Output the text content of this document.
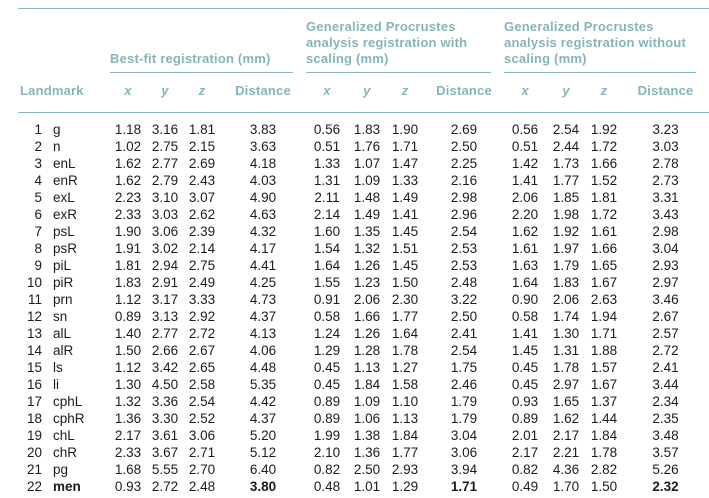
		Best-fit registration (mm)				Generalized Procrustes analysis registration with scaling (mm)				Generalized Procrustes analysis registration without scaling (mm)			

Landmark		x	y	z	Distance	x	y	z	Distance	x	y	z	Distance
1	g	1.18	3.16	1.81	3.83	0.56	1.83	1.90	2.69	0.56	2.54	1.92	3.23
2	n	1.02	2.75	2.15	3.63	0.51	1.76	1.71	2.50	0.51	2.44	1.72	3.03
3	enL	1.62	2.77	2.69	4.18	1.33	1.07	1.47	2.25	1.42	1.73	1.66	2.78
4	enR	1.62	2.79	2.43	4.03	1.31	1.09	1.33	2.16	1.41	1.77	1.52	2.73
5	exL	2.23	3.10	3.07	4.90	2.11	1.48	1.49	2.98	2.06	1.85	1.81	3.31
6	exR	2.33	3.03	2.62	4.63	2.14	1.49	1.41	2.96	2.20	1.98	1.72	3.43
7	psL	1.90	3.06	2.39	4.32	1.60	1.35	1.45	2.54	1.62	1.92	1.61	2.98
8	psR	1.91	3.02	2.14	4.17	1.54	1.32	1.51	2.53	1.61	1.97	1.66	3.04
9	piL	1.81	2.94	2.75	4.41	1.64	1.26	1.45	2.53	1.63	1.79	1.65	2.93
10	piR	1.83	2.91	2.49	4.25	1.55	1.23	1.50	2.48	1.64	1.83	1.67	2.97
11	prn	1.12	3.17	3.33	4.73	0.91	2.06	2.30	3.22	0.90	2.06	2.63	3.46
12	sn	0.89	3.13	2.92	4.37	0.58	1.66	1.77	2.50	0.58	1.74	1.94	2.67
13	alL	1.40	2.77	2.72	4.13	1.24	1.26	1.64	2.41	1.41	1.30	1.71	2.57
14	alR	1.50	2.66	2.67	4.06	1.29	1.28	1.78	2.54	1.45	1.31	1.88	2.72
15	ls	1.12	3.42	2.65	4.48	0.45	1.13	1.27	1.75	0.45	1.78	1.57	2.41
16	li	1.30	4.50	2.58	5.35	0.45	1.84	1.58	2.46	0.45	2.97	1.67	3.44
17	cphL	1.32	3.36	2.54	4.42	0.89	1.09	1.10	1.79	0.93	1.65	1.37	2.34
18	cphR	1.36	3.30	2.52	4.37	0.89	1.06	1.13	1.79	0.89	1.62	1.44	2.35
19	chL	2.17	3.61	3.06	5.20	1.99	1.38	1.84	3.04	2.01	2.17	1.84	3.48
20	chR	2.33	3.67	2.71	5.12	2.10	1.36	1.77	3.06	2.17	2.21	1.78	3.57
21	pg	1.68	5.55	2.70	6.40	0.82	2.50	2.93	3.94	0.82	4.36	2.82	5.26
22	men	0.93	2.72	2.48	3.80	0.48	1.01	1.29	1.71	0.49	1.70	1.50	2.32
